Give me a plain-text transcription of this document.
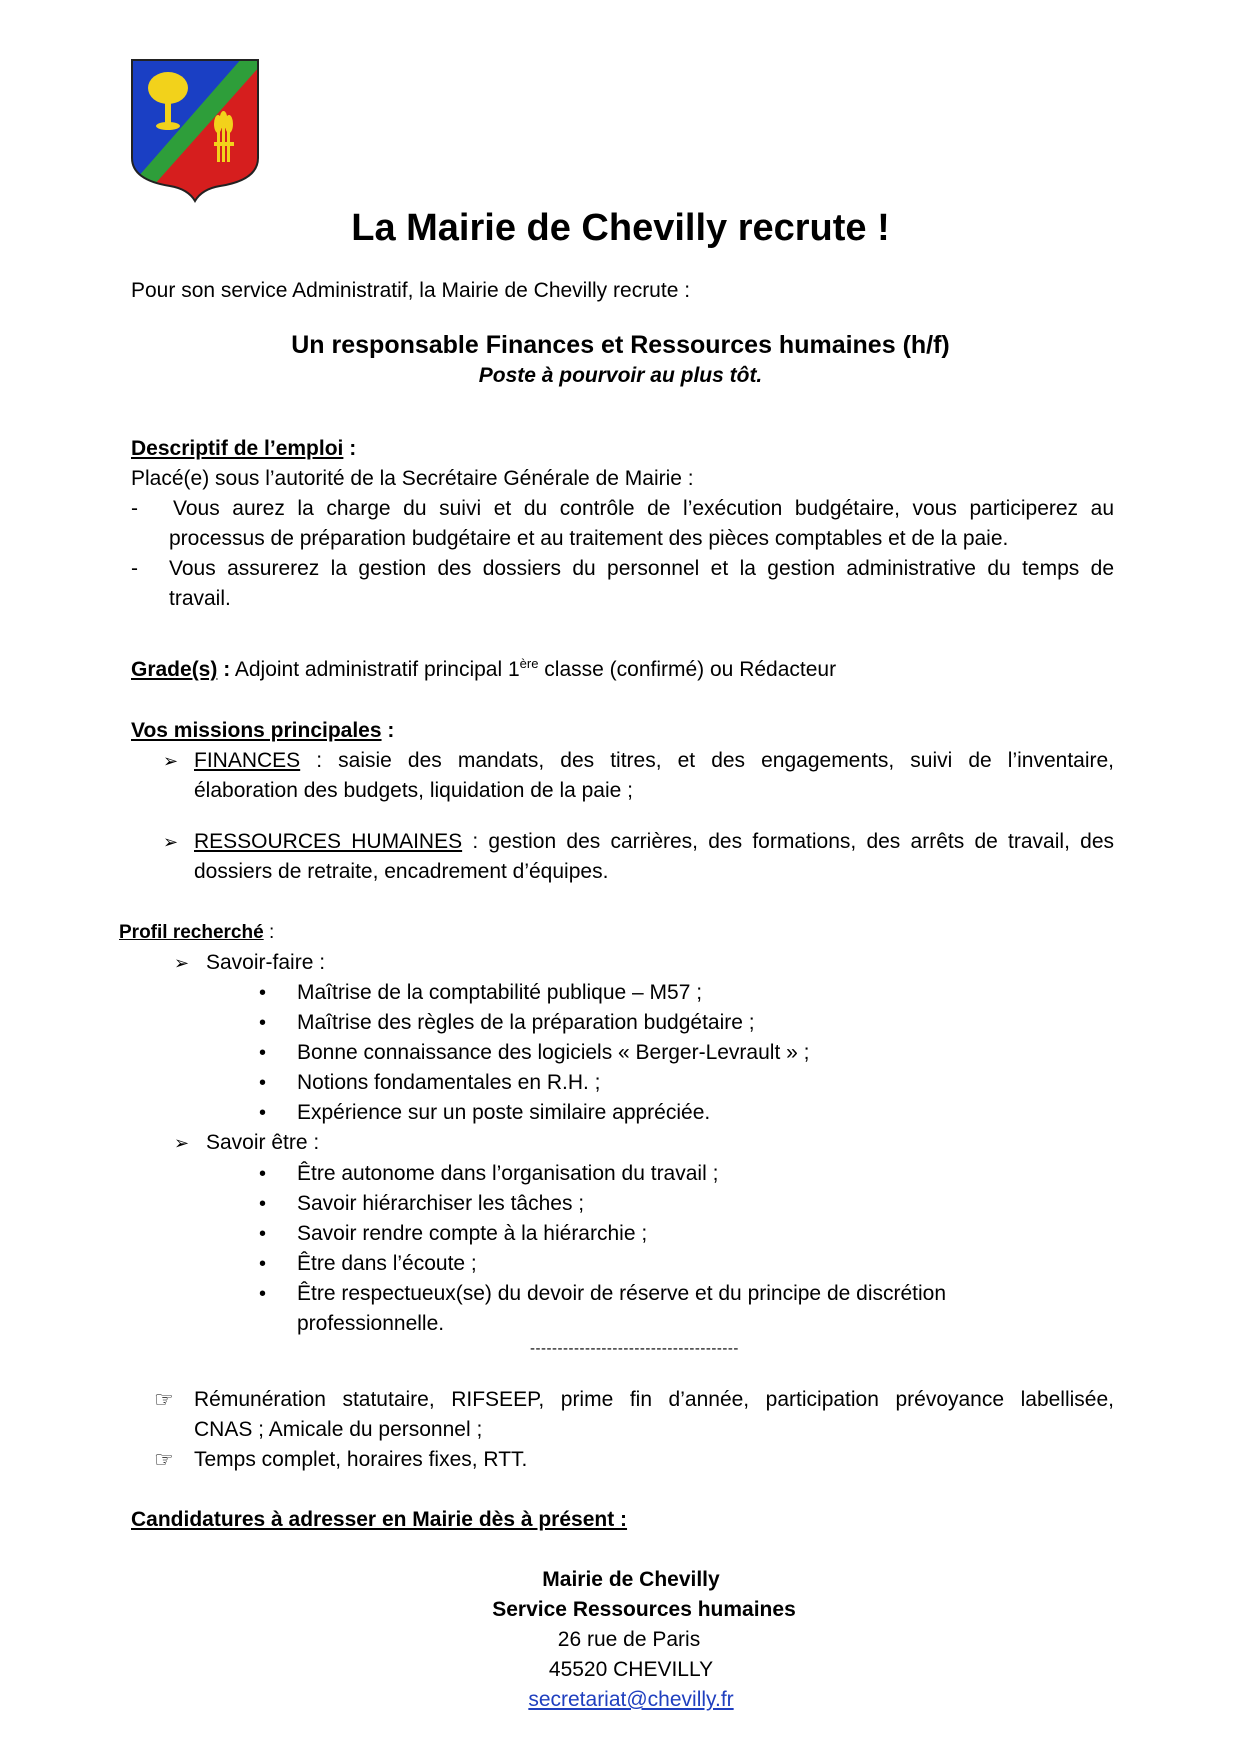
La Mairie de Chevilly recrute !
Pour son service Administratif, la Mairie de Chevilly recrute :
Un responsable Finances et Ressources humaines (h/f)
Poste à pourvoir au plus tôt.
Descriptif de l’emploi :
Placé(e) sous l’autorité de la Secrétaire Générale de Mairie :
- Vous aurez la charge du suivi et du contrôle de l’exécution budgétaire, vous participerez au
processus de préparation budgétaire et au traitement des pièces comptables et de la paie.
- Vous assurerez la gestion des dossiers du personnel et la gestion administrative du temps de
travail.
Grade(s) : Adjoint administratif principal 1ère classe (confirmé) ou Rédacteur
Vos missions principales :
➢ FINANCES : saisie des mandats, des titres, et des engagements, suivi de l’inventaire,
élaboration des budgets, liquidation de la paie ;
➢ RESSOURCES HUMAINES : gestion des carrières, des formations, des arrêts de travail, des
dossiers de retraite, encadrement d’équipes.
Profil recherché :
➢ Savoir-faire :
• Maîtrise de la comptabilité publique – M57 ;
• Maîtrise des règles de la préparation budgétaire ;
• Bonne connaissance des logiciels « Berger-Levrault » ;
• Notions fondamentales en R.H. ;
• Expérience sur un poste similaire appréciée.
➢ Savoir être :
• Être autonome dans l’organisation du travail ;
• Savoir hiérarchiser les tâches ;
• Savoir rendre compte à la hiérarchie ;
• Être dans l’écoute ;
• Être respectueux(se) du devoir de réserve et du principe de discrétion
professionnelle.
--------------------------------------
☞ Rémunération statutaire, RIFSEEP, prime fin d’année, participation prévoyance labellisée,
CNAS ; Amicale du personnel ;
☞ Temps complet, horaires fixes, RTT.
Candidatures à adresser en Mairie dès à présent :
Mairie de Chevilly
Service Ressources humaines
26 rue de Paris
45520 CHEVILLY
secretariat@chevilly.fr
